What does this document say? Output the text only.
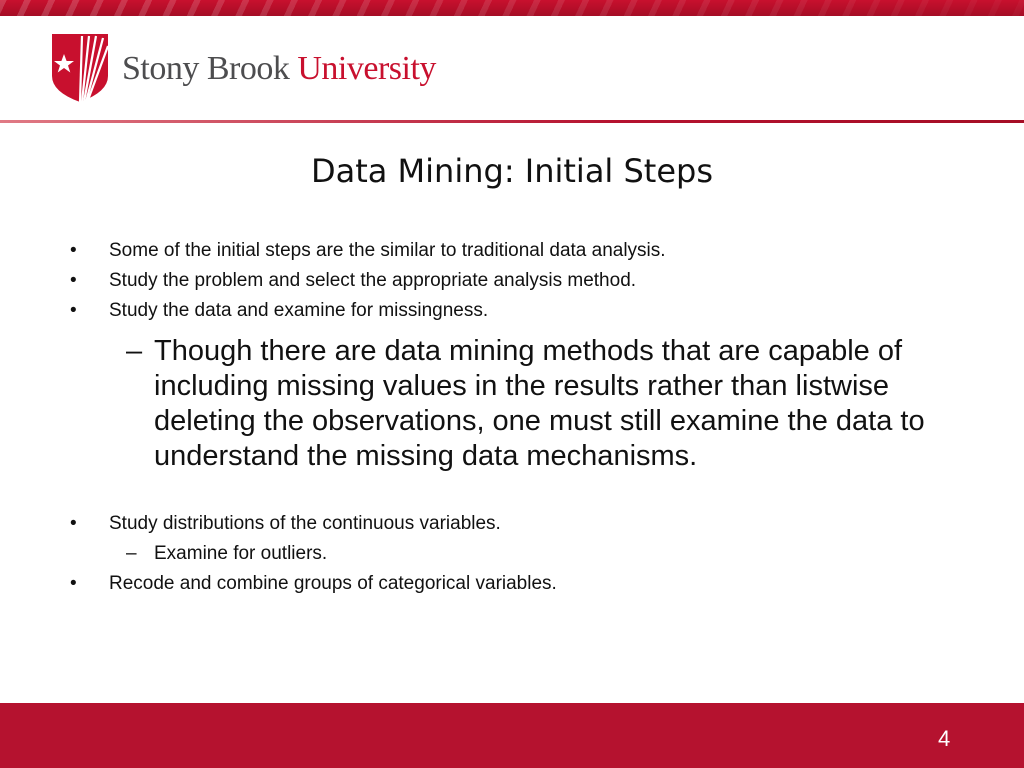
Stony Brook University
Data Mining: Initial Steps
•	Some of the initial steps are the similar to traditional data analysis.
•	Study the problem and select the appropriate analysis method.
•	Study the data and examine for missingness.
– Though there are data mining methods that are capable of including missing values in the results rather than listwise deleting the observations, one must still examine the data to understand the missing data mechanisms.
•	Study distributions of the continuous variables.
– Examine for outliers.
•	Recode and combine groups of categorical variables.
4
